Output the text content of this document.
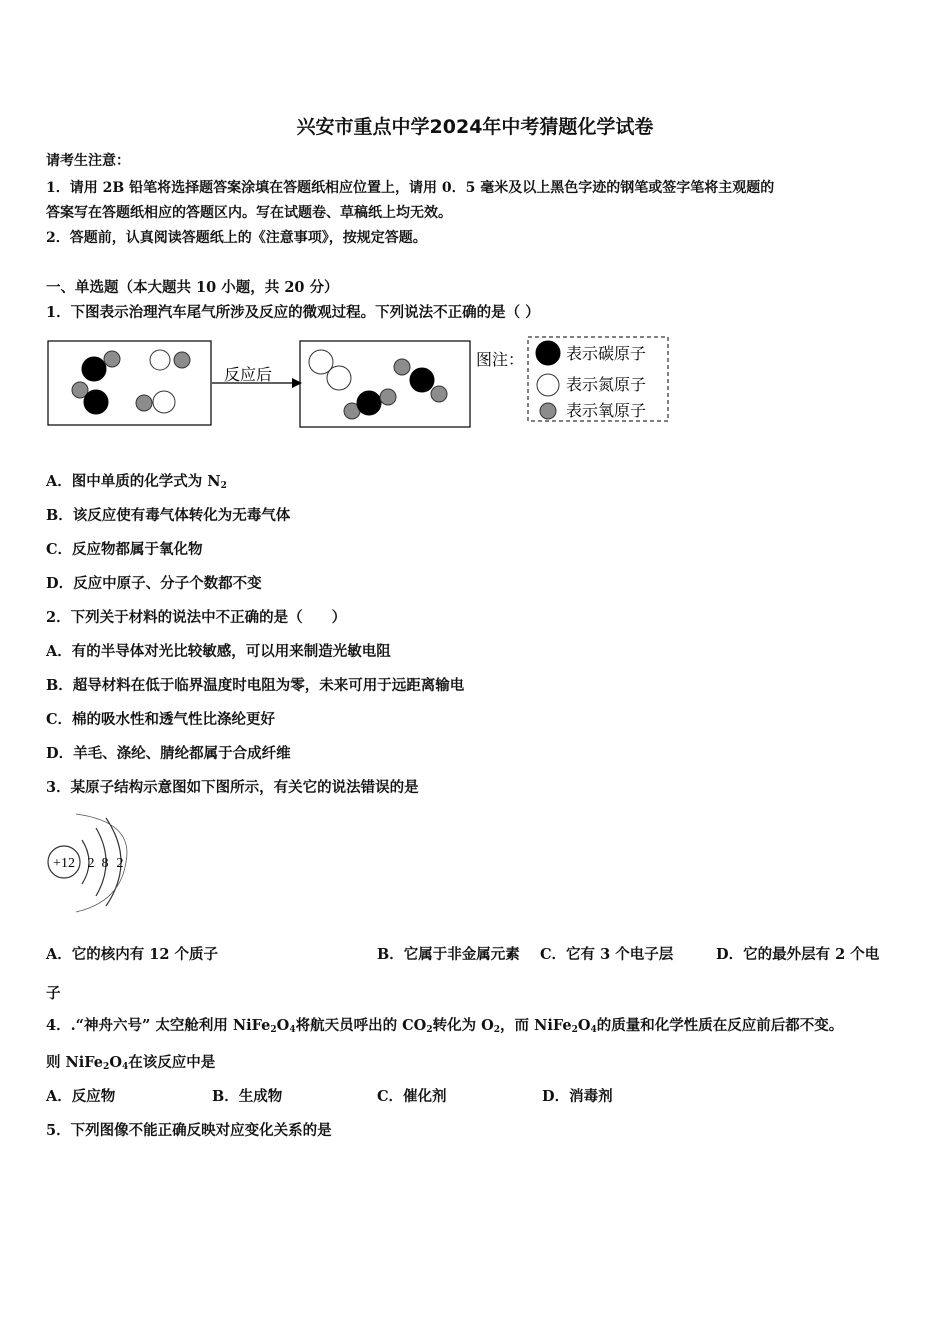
兴安市重点中学2024年中考猜题化学试卷
请考生注意：
1．请用 2B 铅笔将选择题答案涂填在答题纸相应位置上，请用 0．5 毫米及以上黑色字迹的钢笔或签字笔将主观题的
答案写在答题纸相应的答题区内。写在试题卷、草稿纸上均无效。
2．答题前，认真阅读答题纸上的《注意事项》，按规定答题。
一、单选题（本大题共 10 小题，共 20 分）
1．下图表示治理汽车尾气所涉及反应的微观过程。下列说法不正确的是（ ）
反应后
图注：	表示碳原子
表示氮原子
表示氧原子
A．图中单质的化学式为 $N_2$
B．该反应使有毒气体转化为无毒气体
C．反应物都属于氧化物
D．反应中原子、分子个数都不变
2．下列关于材料的说法中不正确的是（　　）
A．有的半导体对光比较敏感，可以用来制造光敏电阻
B．超导材料在低于临界温度时电阻为零，未来可用于远距离输电
C．棉的吸水性和透气性比涤纶更好
D．羊毛、涤纶、腈纶都属于合成纤维
3．某原子结构示意图如下图所示，有关它的说法错误的是
+12 2 8 2
A．它的核内有 12 个质子	B．它属于非金属元素 C．它有 3 个电子层	D．它的最外层有 2 个电
子
4．.“神舟六号” 太空舱利用 $NiFe_2O_4$将航天员呼出的 $CO_2$转化为 $O_2$，而 $NiFe_2O_4$的质量和化学性质在反应前后都不变。
则 $NiFe_2O_4$在该反应中是
A．反应物	B．生成物	C．催化剂	D．消毒剂
5．下列图像不能正确反映对应变化关系的是
